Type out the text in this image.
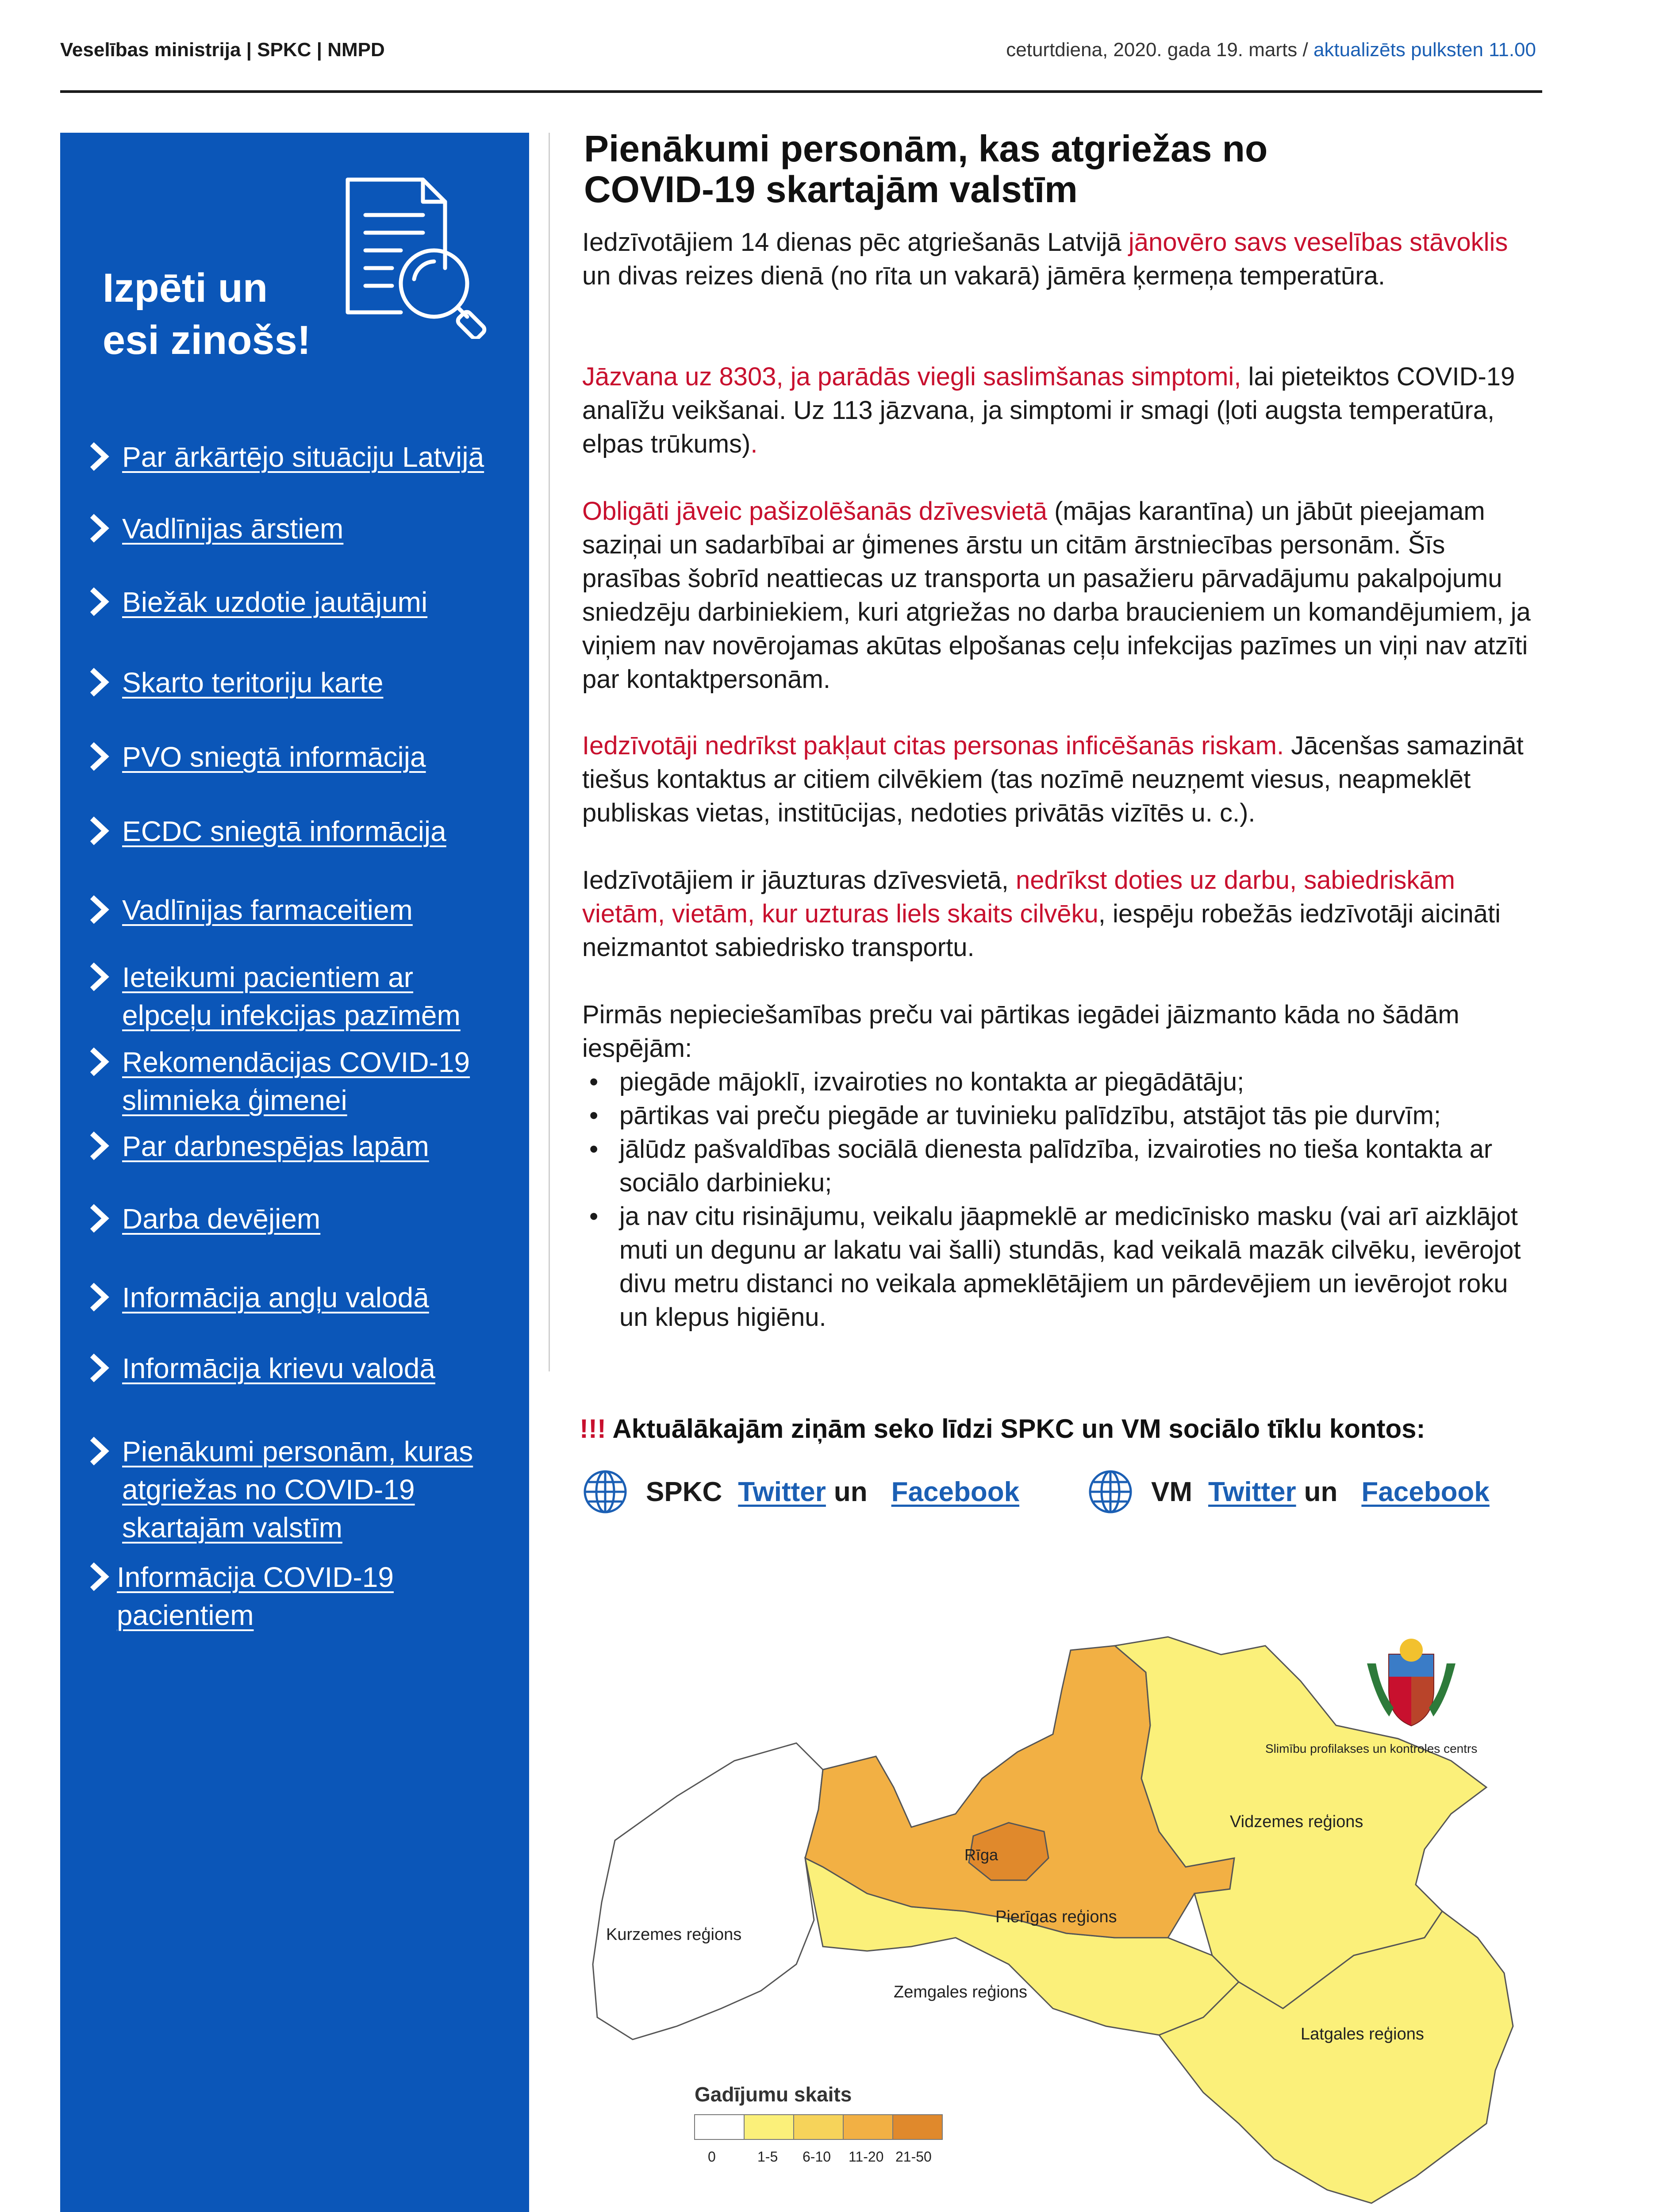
Veselības ministrija | SPKC | NMPD	ceturtdiena, 2020. gada 19. marts / aktualizēts pulksten 11.00
Izpēti un
esi zinošs!
Par ārkārtējo situāciju Latvijā
Vadlīnijas ārstiem
Biežāk uzdotie jautājumi
Skarto teritoriju karte
PVO sniegtā informācija
ECDC sniegtā informācija
Vadlīnijas farmaceitiem
Ieteikumi pacientiem ar
elpceļu infekcijas pazīmēm
Rekomendācijas COVID-19
slimnieka ģimenei
Par darbnespējas lapām
Darba devējiem
Informācija angļu valodā
Informācija krievu valodā
Pienākumi personām, kuras
atgriežas no COVID-19
skartajām valstīm
Informācija COVID-19
pacientiem
Pienākumi personām, kas atgriežas no
COVID-19 skartajām valstīm
Iedzīvotājiem 14 dienas pēc atgriešanās Latvijā jānovēro savs veselības stāvoklis un divas reizes dienā (no rīta un vakarā) jāmēra ķermeņa temperatūra.
Jāzvana uz 8303, ja parādās viegli saslimšanas simptomi, lai pieteiktos COVID-19 analīžu veikšanai. Uz 113 jāzvana, ja simptomi ir smagi (ļoti augsta temperatūra, elpas trūkums).
Obligāti jāveic pašizolēšanās dzīvesvietā (mājas karantīna) un jābūt pieejamam saziņai un sadarbībai ar ģimenes ārstu un citām ārstniecības personām. Šīs prasības šobrīd neattiecas uz transporta un pasažieru pārvadājumu pakalpojumu sniedzēju darbiniekiem, kuri atgriežas no darba braucieniem un komandējumiem, ja viņiem nav novērojamas akūtas elpošanas ceļu infekcijas pazīmes un viņi nav atzīti par kontaktpersonām.
Iedzīvotāji nedrīkst pakļaut citas personas inficēšanās riskam. Jācenšas samazināt tiešus kontaktus ar citiem cilvēkiem (tas nozīmē neuzņemt viesus, neapmeklēt publiskas vietas, institūcijas, nedoties privātās vizītēs u. c.).
Iedzīvotājiem ir jāuzturas dzīvesvietā, nedrīkst doties uz darbu, sabiedriskām vietām, vietām, kur uzturas liels skaits cilvēku, iespēju robežās iedzīvotāji aicināti neizmantot sabiedrisko transportu.
Pirmās nepieciešamības preču vai pārtikas iegādei jāizmanto kāda no šādām iespējām:
• piegāde mājoklī, izvairoties no kontakta ar piegādātāju;
• pārtikas vai preču piegāde ar tuvinieku palīdzību, atstājot tās pie durvīm;
• jālūdz pašvaldības sociālā dienesta palīdzība, izvairoties no tieša kontakta ar sociālo darbinieku;
• ja nav citu risinājumu, veikalu jāapmeklē ar medicīnisko masku (vai arī aizklājot muti un degunu ar lakatu vai šalli) stundās, kad veikalā mazāk cilvēku, ievērojot divu metru distanci no veikala apmeklētājiem un pārdevējiem un ievērojot roku un klepus higiēnu.
!!! Aktuālākajām ziņām seko līdzi SPKC un VM sociālo tīklu kontos:
SPKC Twitter un Facebook	VM Twitter un Facebook
Kurzemes reģions
Rīga
Pierīgas reģions
Vidzemes reģions
Zemgales reģions
Latgales reģions
Slimību profilakses un kontroles centrs
Gadījumu skaits
0	1-5 6-10 11-20 21-50
